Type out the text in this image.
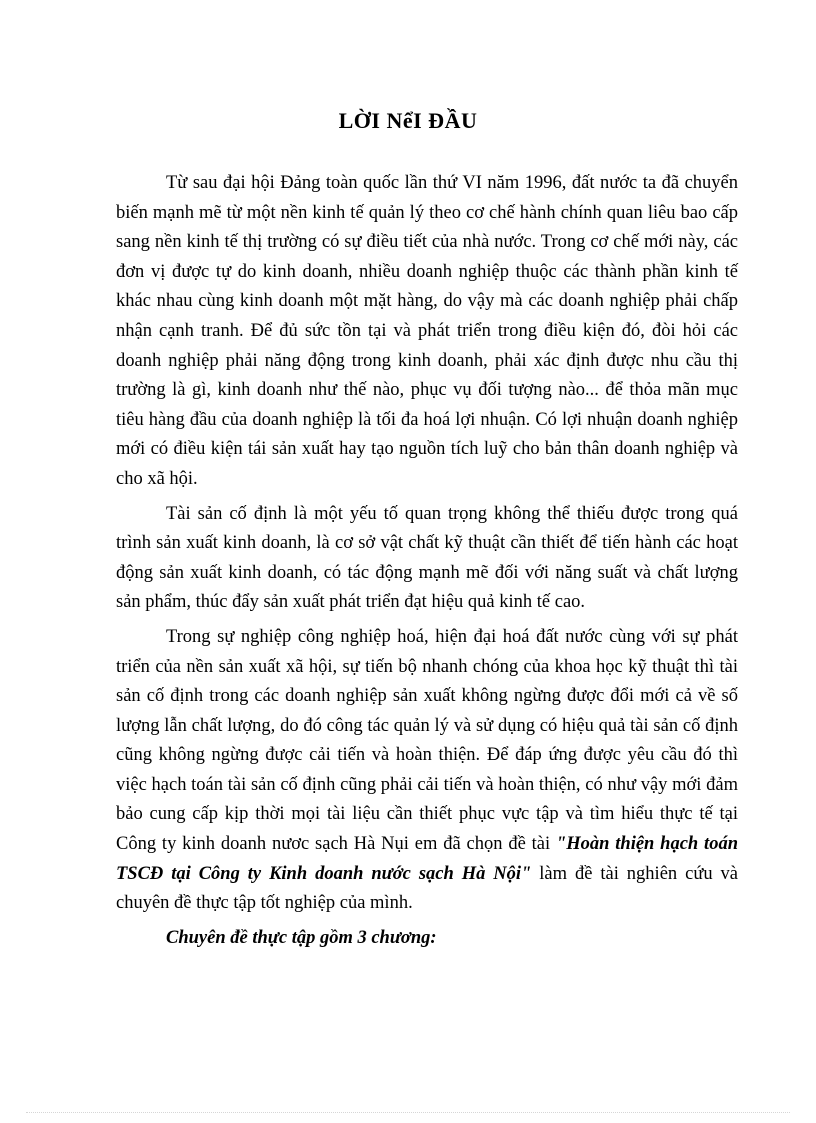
LỜI NểI ĐẦU

Từ sau đại hội Đảng toàn quốc lần thứ VI năm 1996, đất nước ta đã chuyển biến mạnh mẽ từ một nền kinh tế quản lý theo cơ chế hành chính quan liêu bao cấp sang nền kinh tế thị trường có sự điều tiết của nhà nước. Trong cơ chế mới này, các đơn vị được tự do kinh doanh, nhiều doanh nghiệp thuộc các thành phần kinh tế khác nhau cùng kinh doanh một mặt hàng, do vậy mà các doanh nghiệp phải chấp nhận cạnh tranh. Để đủ sức tồn tại và phát triển trong điều kiện đó, đòi hỏi các doanh nghiệp phải năng động trong kinh doanh, phải xác định được nhu cầu thị trường là gì, kinh doanh như thế nào, phục vụ đối tượng nào... để thỏa mãn mục tiêu hàng đầu của doanh nghiệp là tối đa hoá lợi nhuận. Có lợi nhuận doanh nghiệp mới có điều kiện tái sản xuất hay tạo nguồn tích luỹ cho bản thân doanh nghiệp và cho xã hội.

Tài sản cố định là một yếu tố quan trọng không thể thiếu được trong quá trình sản xuất kinh doanh, là cơ sở vật chất kỹ thuật cần thiết để tiến hành các hoạt động sản xuất kinh doanh, có tác động mạnh mẽ đối với năng suất và chất lượng sản phẩm, thúc đẩy sản xuất phát triển đạt hiệu quả kinh tế cao.

Trong sự nghiệp công nghiệp hoá, hiện đại hoá đất nước cùng với sự phát triển của nền sản xuất xã hội, sự tiến bộ nhanh chóng của khoa học kỹ thuật thì tài sản cố định trong các doanh nghiệp sản xuất không ngừng được đổi mới cả về số lượng lẫn chất lượng, do đó công tác quản lý và sử dụng có hiệu quả tài sản cố định cũng không ngừng được cải tiến và hoàn thiện. Để đáp ứng được yêu cầu đó thì việc hạch toán tài sản cố định cũng phải cải tiến và hoàn thiện, có như vậy mới đảm bảo cung cấp kịp thời mọi tài liệu cần thiết phục vực tập và tìm hiểu thực tế tại Công ty kinh doanh nươc sạch Hà Nụi em đã chọn đề tài "Hoàn thiện hạch toán TSCĐ tại Công ty Kinh doanh nước sạch Hà Nội" làm đề tài nghiên cứu và chuyên đề thực tập tốt nghiệp của mình.

Chuyên đề thực tập gồm 3 chương:
